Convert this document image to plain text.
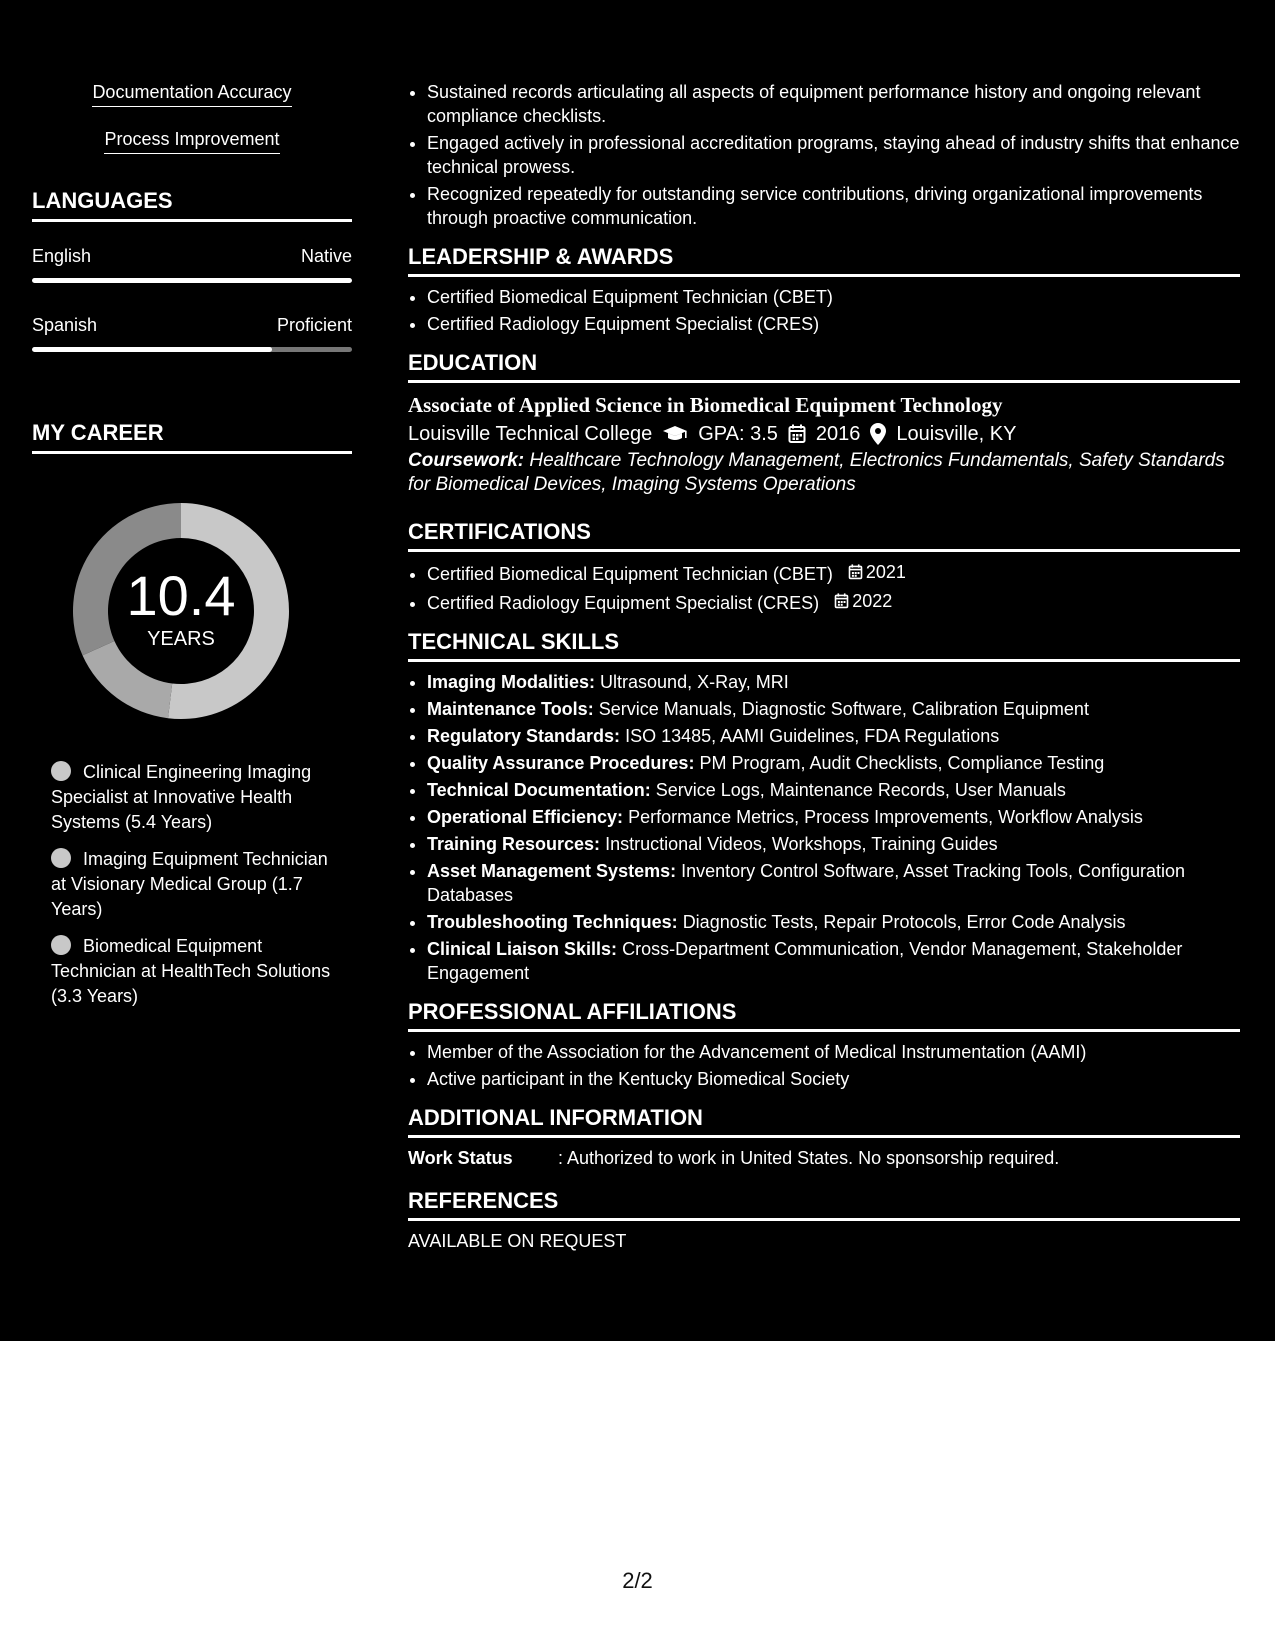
Documentation Accuracy
Process Improvement
LANGUAGES
English	Native
Spanish	Proficient
MY CAREER
10.4
YEARS
Clinical Engineering Imaging Specialist at Innovative Health Systems (5.4 Years)
Imaging Equipment Technician at Visionary Medical Group (1.7 Years)
Biomedical Equipment Technician at HealthTech Solutions (3.3 Years)
• Sustained records articulating all aspects of equipment performance history and ongoing relevant compliance checklists.
• Engaged actively in professional accreditation programs, staying ahead of industry shifts that enhance technical prowess.
• Recognized repeatedly for outstanding service contributions, driving organizational improvements through proactive communication.
LEADERSHIP & AWARDS
• Certified Biomedical Equipment Technician (CBET)
• Certified Radiology Equipment Specialist (CRES)
EDUCATION
Associate of Applied Science in Biomedical Equipment Technology
Louisville Technical College GPA: 3.5 2016 Louisville, KY
Coursework: Healthcare Technology Management, Electronics Fundamentals, Safety Standards for Biomedical Devices, Imaging Systems Operations
CERTIFICATIONS
• Certified Biomedical Equipment Technician (CBET) 2021
• Certified Radiology Equipment Specialist (CRES) 2022
TECHNICAL SKILLS
• Imaging Modalities: Ultrasound, X-Ray, MRI
• Maintenance Tools: Service Manuals, Diagnostic Software, Calibration Equipment
• Regulatory Standards: ISO 13485, AAMI Guidelines, FDA Regulations
• Quality Assurance Procedures: PM Program, Audit Checklists, Compliance Testing
• Technical Documentation: Service Logs, Maintenance Records, User Manuals
• Operational Efficiency: Performance Metrics, Process Improvements, Workflow Analysis
• Training Resources: Instructional Videos, Workshops, Training Guides
• Asset Management Systems: Inventory Control Software, Asset Tracking Tools, Configuration Databases
• Troubleshooting Techniques: Diagnostic Tests, Repair Protocols, Error Code Analysis
• Clinical Liaison Skills: Cross-Department Communication, Vendor Management, Stakeholder Engagement
PROFESSIONAL AFFILIATIONS
• Member of the Association for the Advancement of Medical Instrumentation (AAMI)
• Active participant in the Kentucky Biomedical Society
ADDITIONAL INFORMATION
Work Status	: Authorized to work in United States. No sponsorship required.
REFERENCES
AVAILABLE ON REQUEST
2/2
